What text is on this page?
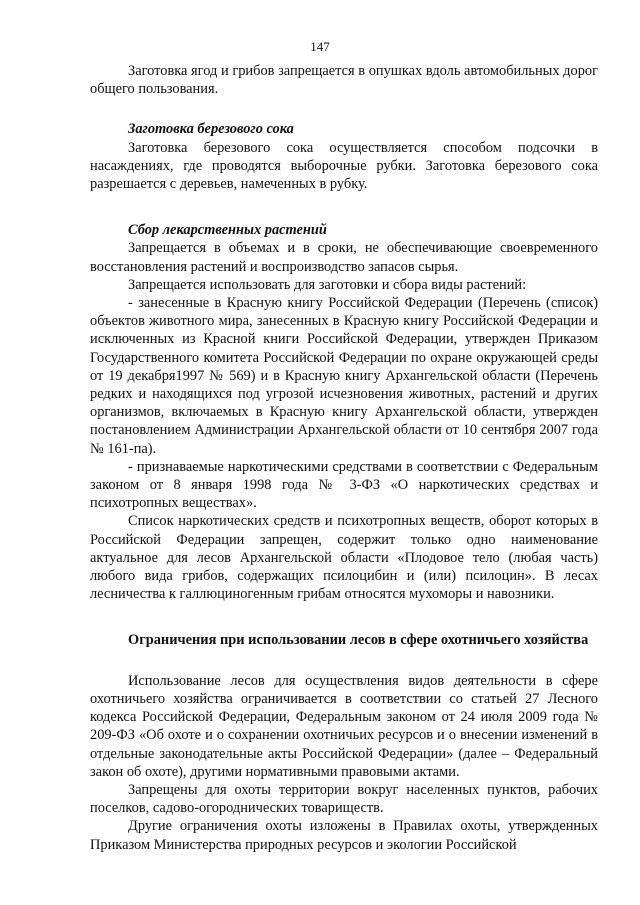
147

Заготовка ягод и грибов запрещается в опушках вдоль автомобильных дорог общего пользования.

Заготовка березового сока

Заготовка березового сока осуществляется способом подсочки в насаждениях, где проводятся выборочные рубки. Заготовка березового сока разрешается с деревьев, намеченных в рубку.

Сбор лекарственных растений

Запрещается в объемах и в сроки, не обеспечивающие своевременного восстановления растений и воспроизводство запасов сырья.

Запрещается использовать для заготовки и сбора виды растений:

- занесенные в Красную книгу Российской Федерации (Перечень (список) объектов животного мира, занесенных в Красную книгу Российской Федерации и исключенных из Красной книги Российской Федерации, утвержден Приказом Государственного комитета Российской Федерации по охране окружающей среды от 19 декабря1997 № 569) и в Красную книгу Архангельской области (Перечень редких и находящихся под угрозой исчезновения животных, растений и других организмов, включаемых в Красную книгу Архангельской области, утвержден постановлением Администрации Архангельской области от 10 сентября 2007 года № 161-па).

- признаваемые наркотическими средствами в соответствии с Федеральным законом от 8 января 1998 года № 3-ФЗ «О наркотических средствах и психотропных веществах».

Список наркотических средств и психотропных веществ, оборот которых в Российской Федерации запрещен, содержит только одно наименование актуальное для лесов Архангельской области «Плодовое тело (любая часть) любого вида грибов, содержащих псилоцибин и (или) псилоцин». В лесах лесничества к галлюциногенным грибам относятся мухоморы и навозники.

Ограничения при использовании лесов в сфере охотничьего хозяйства

Использование лесов для осуществления видов деятельности в сфере охотничьего хозяйства ограничивается в соответствии со статьей 27 Лесного кодекса Российской Федерации, Федеральным законом от 24 июля 2009 года № 209-ФЗ «Об охоте и о сохранении охотничьих ресурсов и о внесении изменений в отдельные законодательные акты Российской Федерации» (далее – Федеральный закон об охоте), другими нормативными правовыми актами.

Запрещены для охоты территории вокруг населенных пунктов, рабочих поселков, садово-огороднических товариществ.

Другие ограничения охоты изложены в Правилах охоты, утвержденных Приказом Министерства природных ресурсов и экологии Российской
